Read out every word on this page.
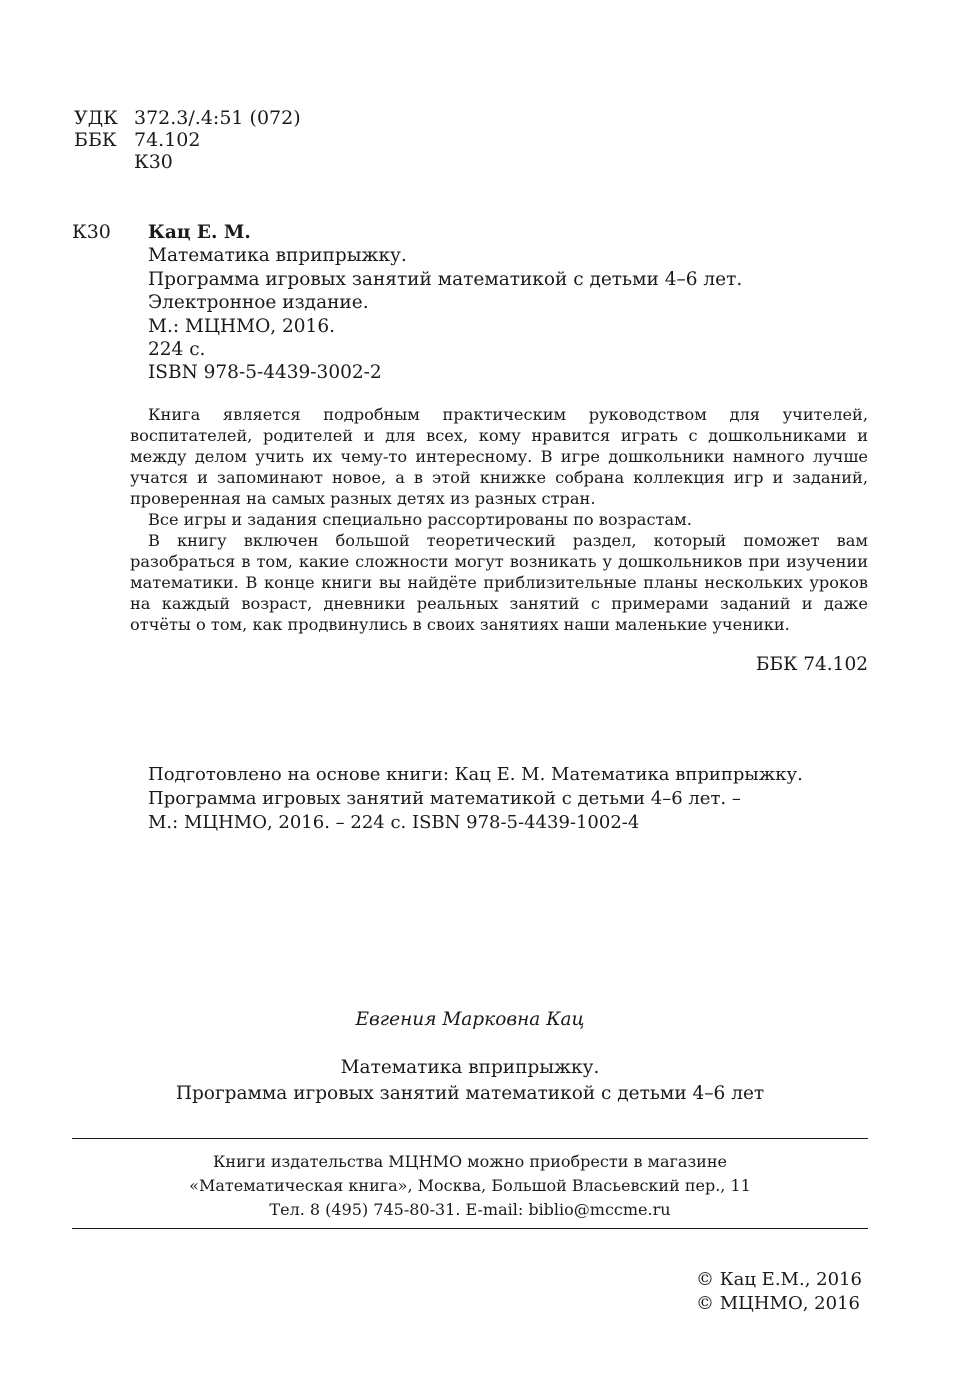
УДК 372.3/.4:51 (072)
ББК 74.102
К30
К30 Кац Е. М.
Математика вприпрыжку.
Программа игровых занятий математикой с детьми 4–6 лет.
Электронное издание.
М.: МЦНМО, 2016.
224 с.
ISBN 978-5-4439-3002-2

Книга является подробным практическим руководством для учителей, воспитателей, родителей и для всех, кому нравится играть с дошкольниками и между делом учить их чему-то интересному. В игре дошкольники намного лучше учатся и запоминают новое, а в этой книжке собрана коллекция игр и заданий, проверенная на самых разных детях из разных стран.

Все игры и задания специально рассортированы по возрастам.

В книгу включен большой теоретический раздел, который поможет вам разобраться в том, какие сложности могут возникать у дошкольников при изучении математики. В конце книги вы найдёте приблизительные планы нескольких уроков на каждый возраст, дневники реальных занятий с примерами заданий и даже отчёты о том, как продвинулись в своих занятиях наши маленькие ученики.

ББК 74.102
Подготовлено на основе книги: Кац Е. М. Математика вприпрыжку.
Программа игровых занятий математикой с детьми 4–6 лет. –
М.: МЦНМО, 2016. – 224 с. ISBN 978-5-4439-1002-4
Евгения Марковна Кац
Математика вприпрыжку.
Программа игровых занятий математикой с детьми 4–6 лет
Книги издательства МЦНМО можно приобрести в магазине
«Математическая книга», Москва, Большой Власьевский пер., 11
Тел. 8 (495) 745-80-31. E-mail: biblio@mccme.ru
© Кац Е.М., 2016
© МЦНМО, 2016
